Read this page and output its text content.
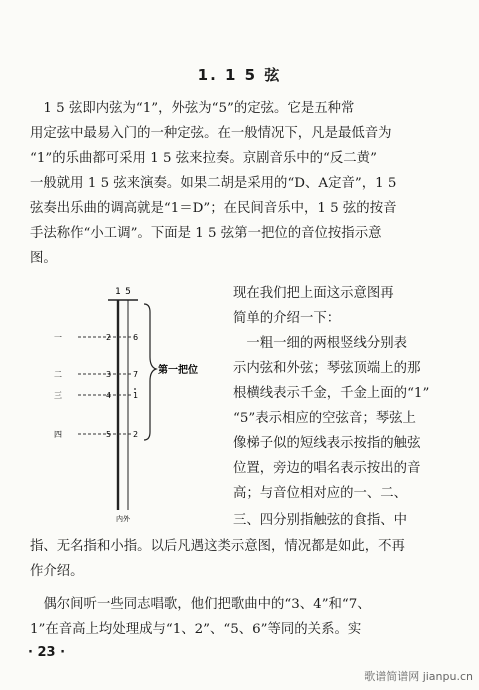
1. 1 5 弦
　1 5 弦即内弦为“1”，外弦为“5”的定弦。它是五种常
用定弦中最易入门的一种定弦。在一般情况下，凡是最低音为
“1”的乐曲都可采用 1 5 弦来拉奏。京剧音乐中的“反二黄”
一般就用 1 5 弦来演奏。如果二胡是采用的“D、A定音”，1 5
弦奏出乐曲的调高就是“1＝D”；在民间音乐中，1 5 弦的按音
手法称作“小工调”。下面是 1 5 弦第一把位的音位按指示意
图。
1 5
一	2	6
二	3	7
三	4	1
四	5	2
第一把位
内外
现在我们把上面这示意图再
简单的介绍一下：
　一粗一细的两根竖线分别表
示内弦和外弦；琴弦顶端上的那
根横线表示千金，千金上面的“1”
“5”表示相应的空弦音；琴弦上
像梯子似的短线表示按指的触弦
位置，旁边的唱名表示按出的音
高；与音位相对应的一、二、
三、四分别指触弦的食指、中
指、无名指和小指。以后凡遇这类示意图，情况都是如此，不再
作介绍。
　偶尔间听一些同志唱歌，他们把歌曲中的“3、4”和“7、
1”在音高上均处理成与“1、2”、“5、6”等同的关系。实
· 23 ·
歌谱简谱网 jianpu.cn
